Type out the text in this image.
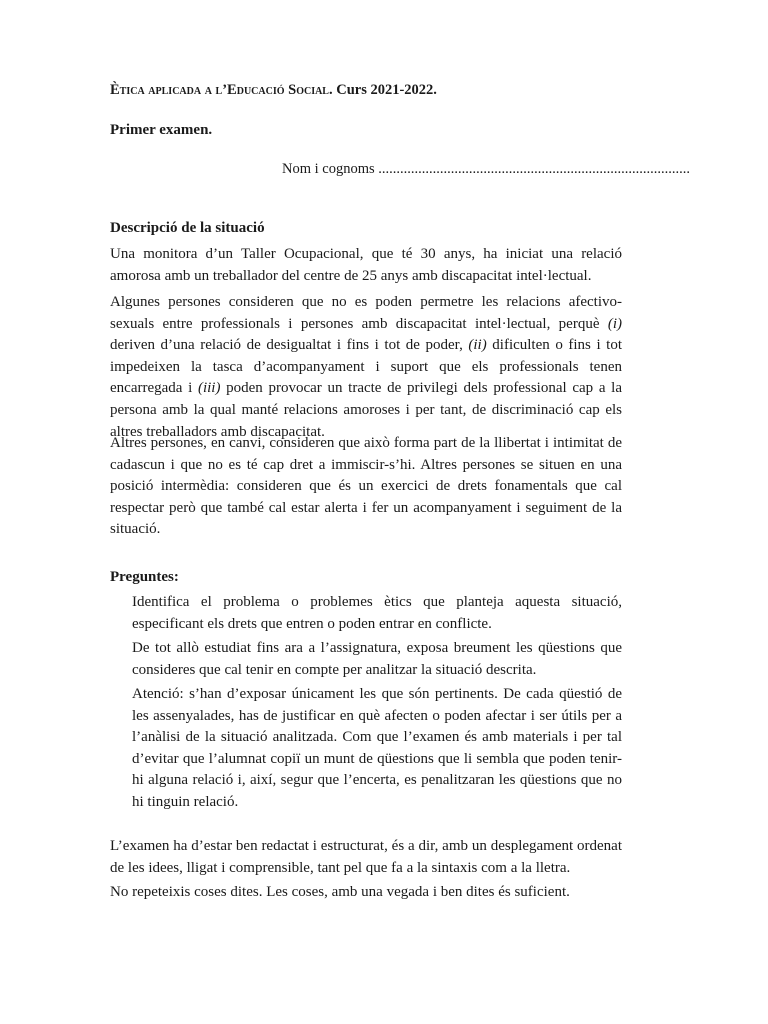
Ètica aplicada a l’Educació Social. Curs 2021-2022.

Primer examen.

Nom i cognoms ......................................................................................

Descripció de la situació

Una monitora d’un Taller Ocupacional, que té 30 anys, ha iniciat una relació amorosa amb un treballador del centre de 25 anys amb discapacitat intel·lectual.

Algunes persones consideren que no es poden permetre les relacions afectivo-sexuals entre professionals i persones amb discapacitat intel·lectual, perquè (i) deriven d’una relació de desigualtat i fins i tot de poder, (ii) dificulten o fins i tot impedeixen la tasca d’acompanyament i suport que els professionals tenen encarregada i (iii) poden provocar un tracte de privilegi dels professional cap a la persona amb la qual manté relacions amoroses i per tant, de discriminació cap els altres treballadors amb discapacitat.

Altres persones, en canvi, consideren que això forma part de la llibertat i intimitat de cadascun i que no es té cap dret a immiscir-s’hi. Altres persones se situen en una posició intermèdia: consideren que és un exercici de drets fonamentals que cal respectar però que també cal estar alerta i fer un acompanyament i seguiment de la situació.

Preguntes:

Identifica el problema o problemes ètics que planteja aquesta situació, especificant els drets que entren o poden entrar en conflicte.

De tot allò estudiat fins ara a l’assignatura, exposa breument les qüestions que consideres que cal tenir en compte per analitzar la situació descrita.

Atenció: s’han d’exposar únicament les que són pertinents. De cada qüestió de les assenyalades, has de justificar en què afecten o poden afectar i ser útils per a l’anàlisi de la situació analitzada. Com que l’examen és amb materials i per tal d’evitar que l’alumnat copiï un munt de qüestions que li sembla que poden tenir-hi alguna relació i, així, segur que l’encerta, es penalitzaran les qüestions que no hi tinguin relació.

L’examen ha d’estar ben redactat i estructurat, és a dir, amb un desplegament ordenat de les idees, lligat i comprensible, tant pel que fa a la sintaxis com a la lletra.

No repeteixis coses dites. Les coses, amb una vegada i ben dites és suficient.
